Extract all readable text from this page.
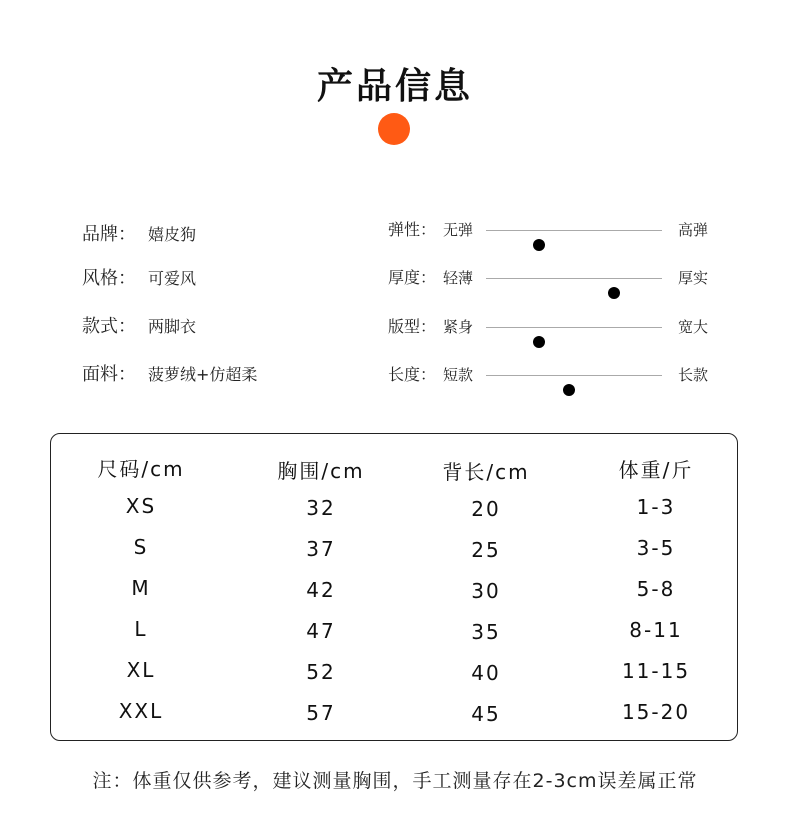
产品信息
品牌： 嬉皮狗
风格： 可爱风
款式： 两脚衣
面料： 菠萝绒+仿超柔
弹性： 无弹	高弹
厚度： 轻薄	厚实
版型： 紧身	宽大
长度： 短款	长款
尺码/cm	胸围/cm	背长/cm	体重/斤
XS	32	20	1-3
S	37	25	3-5
M	42	30	5-8
L	47	35	8-11
XL	52	40	11-15
XXL	57	45	15-20
注：体重仅供参考，建议测量胸围，手工测量存在2-3cm误差属正常
